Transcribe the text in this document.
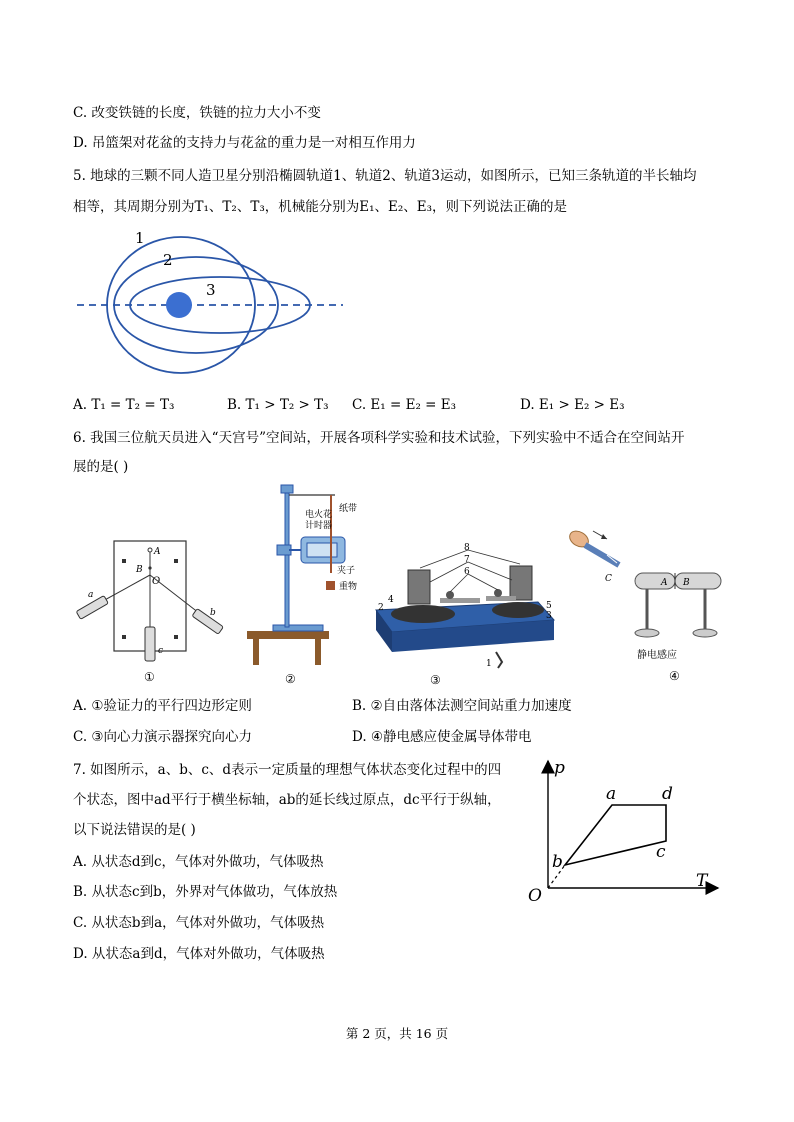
C. 改变铁链的长度，铁链的拉力大小不变
D. 吊篮架对花盆的支持力与花盆的重力是一对相互作用力
5. 地球的三颗不同人造卫星分别沿椭圆轨道1、轨道2、轨道3运动，如图所示，已知三条轨道的半长轴均
相等，其周期分别为T₁、T₂、T₃，机械能分别为E₁、E₂、E₃，则下列说法正确的是
1
2
3
A. T₁ = T₂ = T₃	B. T₁ > T₂ > T₃ C. E₁ = E₂ = E₃	D. E₁ > E₂ > E₃
6. 我国三位航天员进入“天宫号”空间站，开展各项科学实验和技术试验，下列实验中不适合在空间站开
展的是( )
A
B
O
a
b
c
①
电火花
计时器
纸带
夹子
重物
②
8
7
6
4
2	5
3
1
③
C	A B
静电感应
④
A. ①验证力的平行四边形定则	B. ②自由落体法测空间站重力加速度
C. ③向心力演示器探究向心力	D. ④静电感应使金属导体带电
7. 如图所示，a、b、c、d表示一定质量的理想气体状态变化过程中的四
个状态，图中ad平行于横坐标轴，ab的延长线过原点，dc平行于纵轴，
以下说法错误的是( )
A. 从状态d到c，气体对外做功，气体吸热
B. 从状态c到b，外界对气体做功，气体放热
C. 从状态b到a，气体对外做功，气体吸热
D. 从状态a到d，气体对外做功，气体吸热
p
T
O
a	d
c
b
第 2 页，共 16 页
